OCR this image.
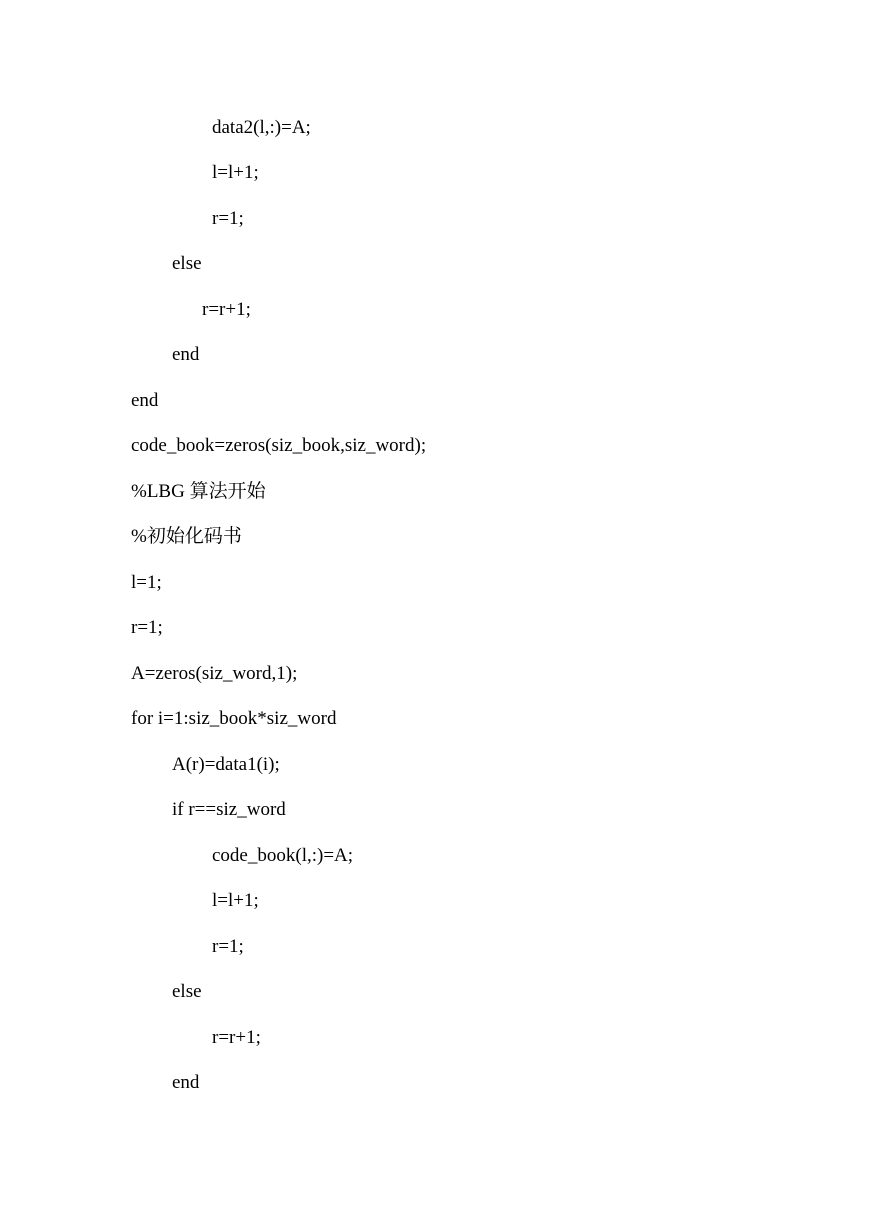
data2(l,:)=A;
l=l+1;
r=1;
else
r=r+1;
end
end
code_book=zeros(siz_book,siz_word);
%LBG 算法开始
%初始化码书
l=1;
r=1;
A=zeros(siz_word,1);
for i=1:siz_book*siz_word
A(r)=data1(i);
if r==siz_word
code_book(l,:)=A;
l=l+1;
r=1;
else
r=r+1;
end
